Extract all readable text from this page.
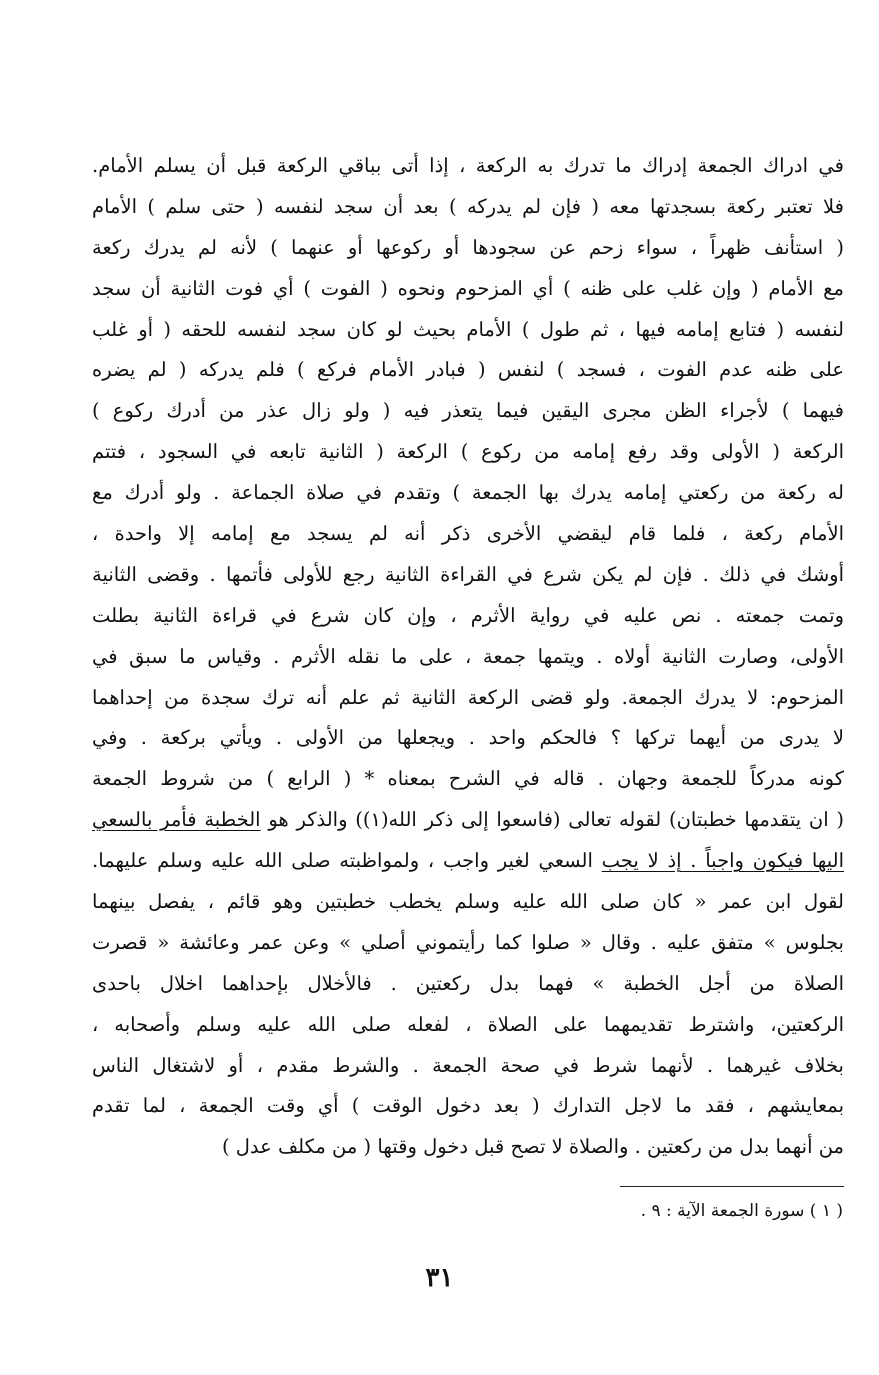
في ادراك الجمعة إدراك ما تدرك به الركعة ، إذا أتى بباقي الركعة قبل أن يسلم الأمام.
فلا تعتبر ركعة بسجدتها معه ( فإن لم يدركه ) بعد أن سجد لنفسه ( حتى سلم ) الأمام
( استأنف ظهراً ، سواء زحم عن سجودها أو ركوعها أو عنهما ) لأنه لم يدرك ركعة
مع الأمام ( وإن غلب على ظنه ) أي المزحوم ونحوه ( الفوت ) أي فوت الثانية أن سجد
لنفسه ( فتابع إمامه فيها ، ثم طول ) الأمام بحيث لو كان سجد لنفسه للحقه ( أو غلب
على ظنه عدم الفوت ، فسجد ) لنفس ( فبادر الأمام فركع ) فلم يدركه ( لم يضره
فيهما ) لأجراء الظن مجرى اليقين فيما يتعذر فيه ( ولو زال عذر من أدرك ركوع )
الركعة ( الأولى وقد رفع إمامه من ركوع ) الركعة ( الثانية تابعه في السجود ، فتتم
له ركعة من ركعتي إمامه يدرك بها الجمعة ) وتقدم في صلاة الجماعة . ولو أدرك مع
الأمام ركعة ، فلما قام ليقضي الأخرى ذكر أنه لم يسجد مع إمامه إلا واحدة ،
أوشك في ذلك . فإن لم يكن شرع في القراءة الثانية رجع للأولى فأتمها . وقضى الثانية
وتمت جمعته . نص عليه في رواية الأثرم ، وإن كان شرع في قراءة الثانية بطلت
الأولى، وصارت الثانية أولاه . ويتمها جمعة ، على ما نقله الأثرم . وقياس ما سبق في
المزحوم: لا يدرك الجمعة. ولو قضى الركعة الثانية ثم علم أنه ترك سجدة من إحداهما
لا يدرى من أيهما تركها ؟ فالحكم واحد . ويجعلها من الأولى . ويأتي بركعة . وفي
كونه مدركاً للجمعة وجهان . قاله في الشرح بمعناه * ( الرابع ) من شروط الجمعة
( ان يتقدمها خطبتان) لقوله تعالى (فاسعوا إلى ذكر الله(١)) والذكر هو الخطبة فأمر بالسعي
اليها فيكون واجباً . إذ لا يجب السعي لغير واجب ، ولمواظبته صلى الله عليه وسلم عليهما.
لقول ابن عمر « كان صلى الله عليه وسلم يخطب خطبتين وهو قائم ، يفصل بينهما
بجلوس » متفق عليه . وقال « صلوا كما رأيتموني أصلي » وعن عمر وعائشة « قصرت
الصلاة من أجل الخطبة » فهما بدل ركعتين . فالأخلال بإحداهما اخلال باحدى
الركعتين، واشترط تقديمهما على الصلاة ، لفعله صلى الله عليه وسلم وأصحابه ،
بخلاف غيرهما . لأنهما شرط في صحة الجمعة . والشرط مقدم ، أو لاشتغال الناس
بمعايشهم ، فقد ما لاجل التدارك ( بعد دخول الوقت ) أي وقت الجمعة ، لما تقدم
من أنهما بدل من ركعتين . والصلاة لا تصح قبل دخول وقتها ( من مكلف عدل )
( ١ ) سورة الجمعة الآية : ٩ .
٣١
